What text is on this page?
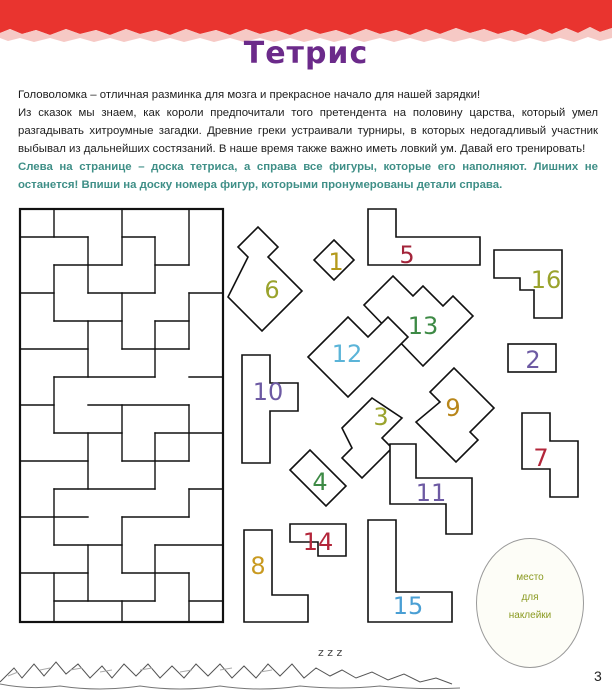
Тетрис

Головоломка – отличная разминка для мозга и прекрасное начало для нашей зарядки!

Из сказок мы знаем, как короли предпочитали того претендента на половину царства, который умел разгадывать хитроумные загадки. Древние греки устраивали турниры, в которых недогадливый участник выбывал из дальнейших состязаний. В наше время также важно иметь ловкий ум. Давай его тренировать!

Слева на странице – доска тетриса, а справа все фигуры, которые его наполняют. Лишних не останется! Впиши на доску номера фигур, которыми пронумерованы детали справа.

1
2
3
4
5
6
7
8
9
10
11
12
13
14
15
16
место
для
наклейки
z z z
3
